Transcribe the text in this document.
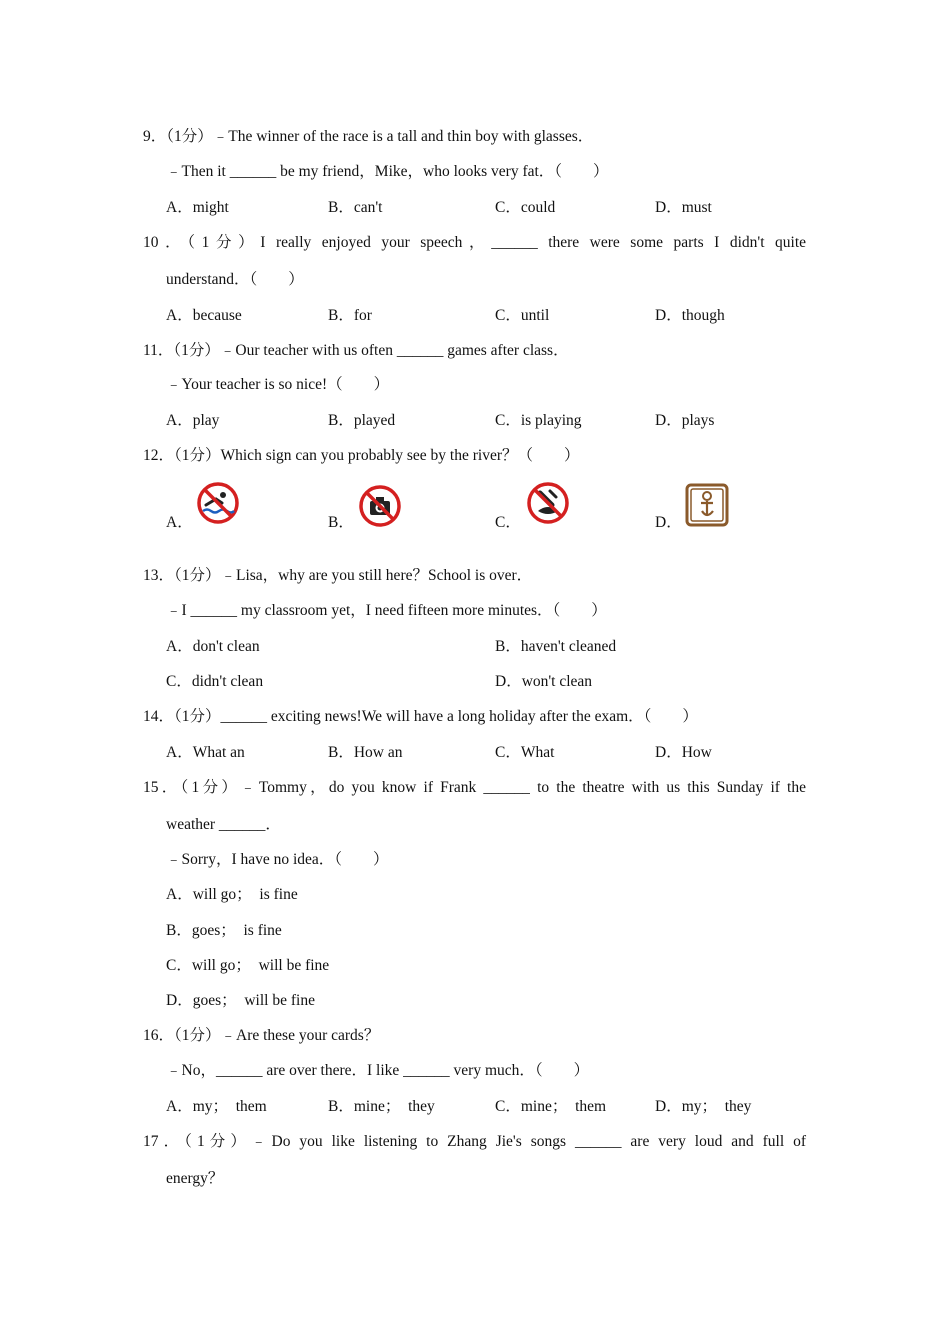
9．（1分）﹣The winner of the race is a tall and thin boy with glasses．
﹣Then it ______ be my friend，Mike，who looks very fat．（　　）
A．might	B．can't	C．could	D．must
10．（1分）I really enjoyed your speech，______ there were some parts I didn't quite
understand．（　　）
A．because	B．for	C．until	D．though
11．（1分）﹣Our teacher with us often ______ games after class．
﹣Your teacher is so nice!（　　）
A．play	B．played	C．is playing	D．plays
12．（1分）Which sign can you probably see by the river？（　　）
A．	B．	C．	D．
13．（1分）﹣Lisa，why are you still here？School is over．
﹣I ______ my classroom yet，I need fifteen more minutes．（　　）
A．don't clean	B．haven't cleaned
C．didn't clean	D．won't clean
14．（1分）______ exciting news!We will have a long holiday after the exam．（　　）
A．What an	B．How an	C．What	D．How
15．（1分）﹣Tommy，do you know if Frank ______ to the theatre with us this Sunday if the
weather ______．
﹣Sorry，I have no idea．（　　）
A．will go；　is fine
B．goes；　is fine
C．will go；　will be fine
D．goes；　will be fine
16．（1分）﹣Are these your cards？
﹣No，______ are over there．I like ______ very much．（　　）
A．my；　them	B．mine；　they	C．mine；　them	D．my；　they
17．（1分）﹣Do you like listening to Zhang Jie's songs ______ are very loud and full of
energy？
